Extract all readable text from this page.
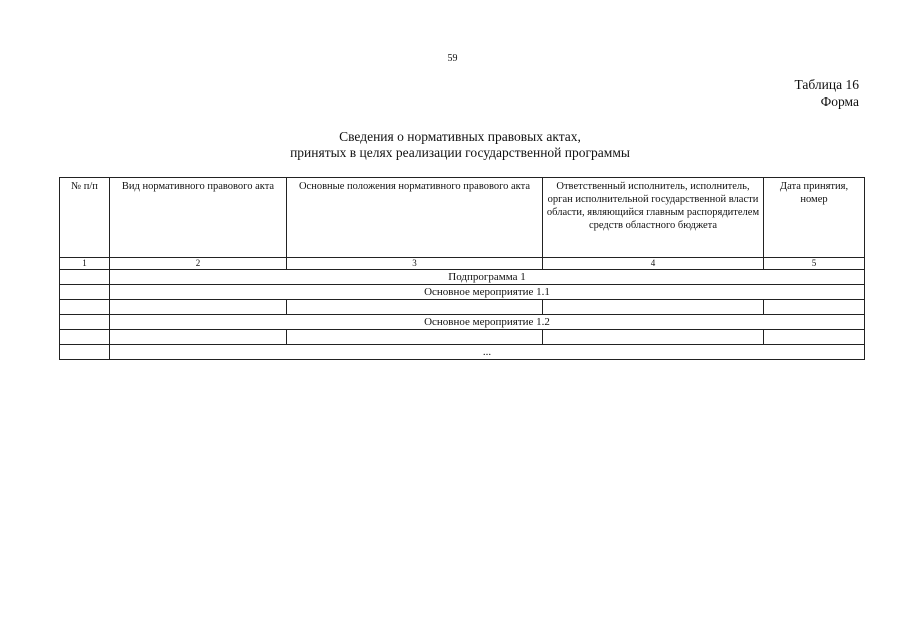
59
Таблица 16
Форма
Сведения о нормативных правовых актах,
принятых в целях реализации государственной программы
№ п/п	Вид нормативного правового акта	Основные положения нормативного правового акта	Ответственный исполнитель, исполнитель, орган исполнительной государственной власти области, являющийся главным распорядителем средств областного бюджета	Дата принятия, номер

1	2	3	4	5
	Подпрограмма 1			
	Основное мероприятие 1.1			

	Основное мероприятие 1.2			

	...			
